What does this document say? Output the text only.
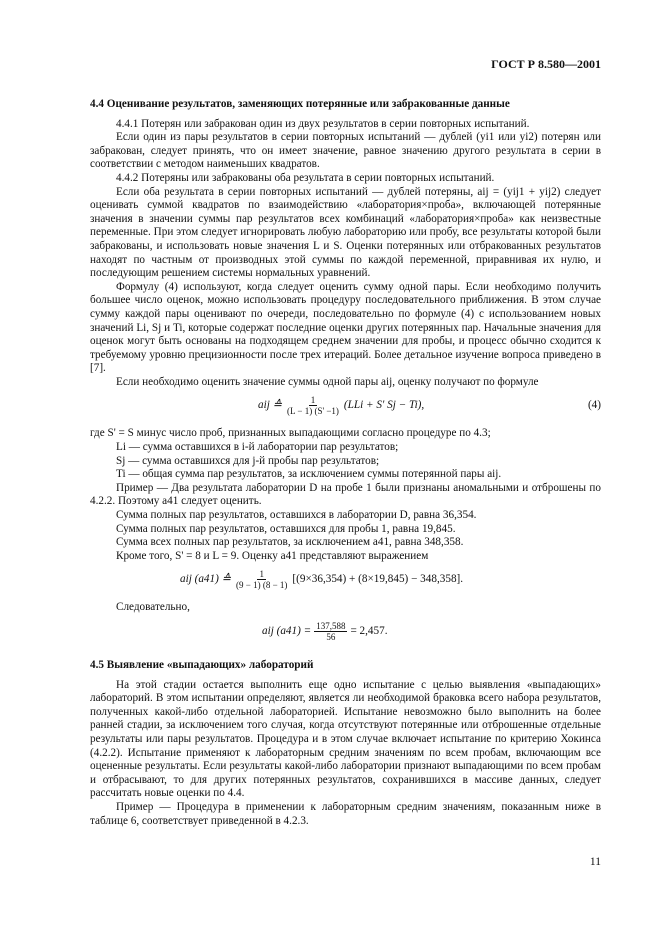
ГОСТ Р 8.580—2001
4.4 Оценивание результатов, заменяющих потерянные или забракованные данные

4.4.1 Потерян или забракован один из двух результатов в серии повторных испытаний.

Если один из пары результатов в серии повторных испытаний — дублей (yi1 или yi2) потерян или забракован, следует принять, что он имеет значение, равное значению другого результата в серии в соответствии с методом наименьших квадратов.

4.4.2 Потеряны или забракованы оба результата в серии повторных испытаний.

Если оба результата в серии повторных испытаний — дублей потеряны, aij = (yij1 + yij2) следует оценивать суммой квадратов по взаимодействию «лаборатория×проба», включающей потерянные значения в значении суммы пар результатов всех комбинаций «лаборатория×проба» как неизвестные переменные. При этом следует игнорировать любую лабораторию или пробу, все результаты которой были забракованы, и использовать новые значения L и S. Оценки потерянных или отбракованных результатов находят по частным от производных этой суммы по каждой переменной, приравнивая их нулю, и последующим решением системы нормальных уравнений.

Формулу (4) используют, когда следует оценить сумму одной пары. Если необходимо получить большее число оценок, можно использовать процедуру последовательного приближения. В этом случае сумму каждой пары оценивают по очереди, последовательно по формуле (4) с использованием новых значений Li, Sj и Ti, которые содержат последние оценки других потерянных пар. Начальные значения для оценок могут быть основаны на подходящем среднем значении для пробы, и процесс обычно сходится к требуемому уровню прецизионности после трех итераций. Более детальное изучение вопроса приведено в [7].

Если необходимо оценить значение суммы одной пары aij, оценку получают по формуле

aij ≙ $\frac{1}{(L - 1) (S' -1)} (LLi + S'$ Sj − Ti),	(4)

где S' = S минус число проб, признанных выпадающими согласно процедуре по 4.3;

Li — сумма оставшихся в i-й лаборатории пар результатов;

Sj — сумма оставшихся для j-й пробы пар результатов;

Ti — общая сумма пар результатов, за исключением суммы потерянной пары aij.

Пример — Два результата лаборатории D на пробе 1 были признаны аномальными и отброшены по 4.2.2. Поэтому a41 следует оценить.

Сумма полных пар результатов, оставшихся в лаборатории D, равна 36,354.

Сумма полных пар результатов, оставшихся для пробы 1, равна 19,845.

Сумма всех полных пар результатов, за исключением a41, равна 348,358.

Кроме того, S' = 8 и L = 9. Оценку a41 представляют выражением

aij (a41) ≙ $\frac{1}{(9 - 1) (8 - 1)} [(9\times 36,354) + (8\times 19,845) - 348,358]$.

Следовательно,

aij $(a41) = \frac{137,588}{56} = 2,457$.
4.5 Выявление «выпадающих» лабораторий

На этой стадии остается выполнить еще одно испытание с целью выявления «выпадающих» лабораторий. В этом испытании определяют, является ли необходимой браковка всего набора результатов, полученных какой-либо отдельной лабораторией. Испытание невозможно было выполнить на более ранней стадии, за исключением того случая, когда отсутствуют потерянные или отброшенные отдельные результаты или пары результатов. Процедура и в этом случае включает испытание по критерию Хокинса (4.2.2). Испытание применяют к лабораторным средним значениям по всем пробам, включающим все оцененные результаты. Если результаты какой-либо лаборатории признают выпадающими по всем пробам и отбрасывают, то для других потерянных результатов, сохранившихся в массиве данных, следует рассчитать новые оценки по 4.4.

Пример — Процедура в применении к лабораторным средним значениям, показанным ниже в таблице 6, соответствует приведенной в 4.2.3.

11
